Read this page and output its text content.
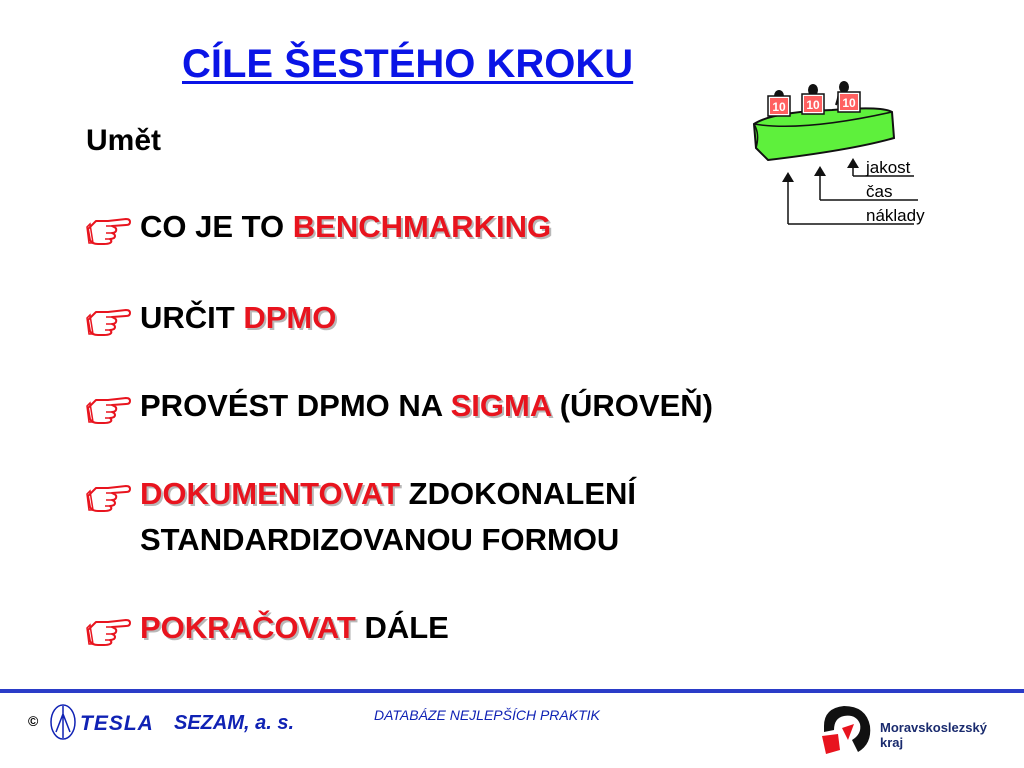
CÍLE ŠESTÉHO KROKU
Umět
CO JE TO BENCHMARKING
URČIT DPMO
PROVÉST DPMO NA SIGMA (ÚROVEŇ)
DOKUMENTOVAT ZDOKONALENÍ
STANDARDIZOVANOU FORMOU
POKRAČOVAT DÁLE
10 10 10
jakost
čas
náklady
© TESLA SEZAM, a. s.	DATABÁZE NEJLEPŠÍCH PRAKTIK
Moravskoslezský
kraj
